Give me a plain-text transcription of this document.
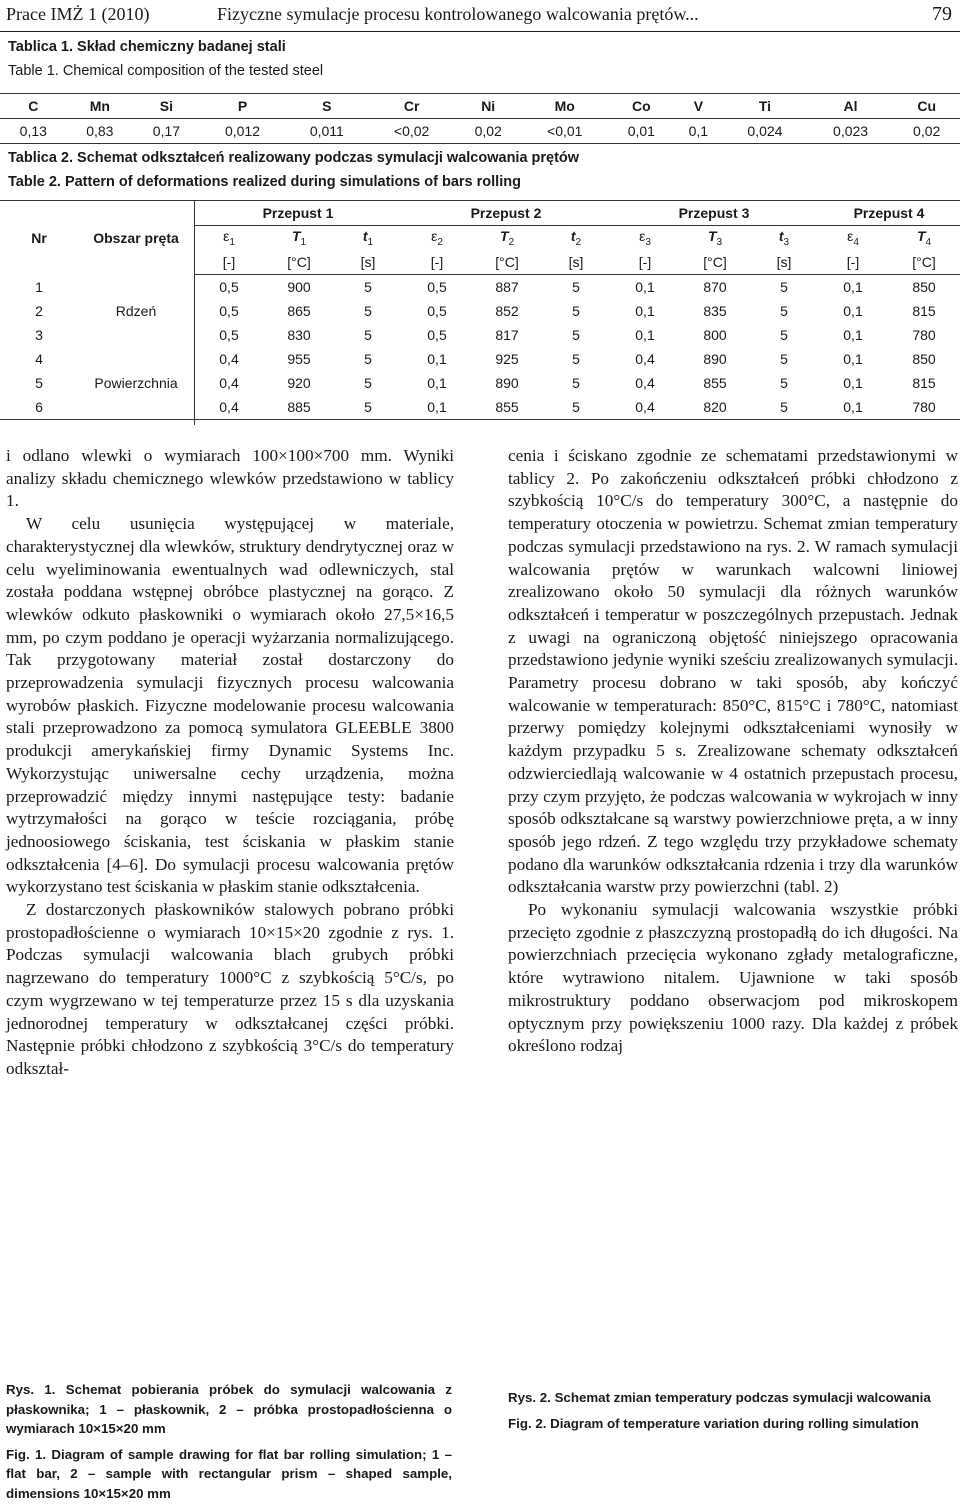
Prace IMŻ 1 (2010)	Fizyczne symulacje procesu kontrolowanego walcowania prętów...	79
Tablica 1. Skład chemiczny badanej stali
Table 1. Chemical composition of the tested steel
C	Mn	Si	P	S	Cr	Ni	Mo	Co	V	Ti	Al	Cu
0,13	0,83	0,17	0,012	0,011	<0,02	0,02	<0,01	0,01	0,1	0,024	0,023	0,02
Tablica 2. Schemat odkształceń realizowany podczas symulacji walcowania prętów
Table 2. Pattern of deformations realized during simulations of bars rolling
Nr	Obszar pręta	Przepust 1			Przepust 2			Przepust 3			Przepust 4	
		$\varepsilon_1$	$T_1$	$t_1$	$\varepsilon_2$	$T_2$	$t_2$	$\varepsilon_3$	$T_3$	$t_3$	$\varepsilon_4$	$T_4$
		[-]	[°C]	[s]	[-]	[°C]	[s]	[-]	[°C]	[s]	[-]	[°C]
1	Rdzeń	0,5	900	5	0,5	887	5	0,1	870	5	0,1	850
2		0,5	865	5	0,5	852	5	0,1	835	5	0,1	815
3		0,5	830	5	0,5	817	5	0,1	800	5	0,1	780
4	Powierzchnia	0,4	955	5	0,1	925	5	0,4	890	5	0,1	850
5		0,4	920	5	0,1	890	5	0,4	855	5	0,1	815
6		0,4	885	5	0,1	855	5	0,4	820	5	0,1	780

i odlano wlewki o wymiarach 100×100×700 mm. Wyniki analizy składu chemicznego wlewków przedstawiono w tablicy 1.

W celu usunięcia występującej w materiale, charakterystycznej dla wlewków, struktury dendrytycznej oraz w celu wyeliminowania ewentualnych wad odlewniczych, stal została poddana wstępnej obróbce plastycznej na gorąco. Z wlewków odkuto płaskowniki o wymiarach około 27,5×16,5 mm, po czym poddano je operacji wyżarzania normalizującego. Tak przygotowany materiał został dostarczony do przeprowadzenia symulacji fizycznych procesu walcowania wyrobów płaskich. Fizyczne modelowanie procesu walcowania stali przeprowadzono za pomocą symulatora GLEEBLE 3800 produkcji amerykańskiej firmy Dynamic Systems Inc. Wykorzystując uniwersalne cechy urządzenia, można przeprowadzić między innymi następujące testy: badanie wytrzymałości na gorąco w teście rozciągania, próbę jednoosiowego ściskania, test ściskania w płaskim stanie odkształcenia [4–6]. Do symulacji procesu walcowania prętów wykorzystano test ściskania w płaskim stanie odkształcenia.

Z dostarczonych płaskowników stalowych pobrano próbki prostopadłościenne o wymiarach 10×15×20 zgodnie z rys. 1. Podczas symulacji walcowania blach grubych próbki nagrzewano do temperatury 1000°C z szybkością 5°C/s, po czym wygrzewano w tej temperaturze przez 15 s dla uzyskania jednorodnej temperatury w odkształcanej części próbki. Następnie próbki chłodzono z szybkością 3°C/s do temperatury odkształ-

cenia i ściskano zgodnie ze schematami przedstawionymi w tablicy 2. Po zakończeniu odkształceń próbki chłodzono z szybkością 10°C/s do temperatury 300°C, a następnie do temperatury otoczenia w powietrzu. Schemat zmian temperatury podczas symulacji przedstawiono na rys. 2. W ramach symulacji walcowania prętów w warunkach walcowni liniowej zrealizowano około 50 symulacji dla różnych warunków odkształceń i temperatur w poszczególnych przepustach. Jednak z uwagi na ograniczoną objętość niniejszego opracowania przedstawiono jedynie wyniki sześciu zrealizowanych symulacji. Parametry procesu dobrano w taki sposób, aby kończyć walcowanie w temperaturach: 850°C, 815°C i 780°C, natomiast przerwy pomiędzy kolejnymi odkształceniami wynosiły w każdym przypadku 5 s. Zrealizowane schematy odkształceń odzwierciedlają walcowanie w 4 ostatnich przepustach procesu, przy czym przyjęto, że podczas walcowania w wykrojach w inny sposób odkształcane są warstwy powierzchniowe pręta, a w inny sposób jego rdzeń. Z tego względu trzy przykładowe schematy podano dla warunków odkształcania rdzenia i trzy dla warunków odkształcania warstw przy powierzchni (tabl. 2)

Po wykonaniu symulacji walcowania wszystkie próbki przecięto zgodnie z płaszczyzną prostopadłą do ich długości. Na powierzchniach przecięcia wykonano zgłady metalograficzne, które wytrawiono nitalem. Ujawnione w taki sposób mikrostruktury poddano obserwacjom pod mikroskopem optycznym przy powiększeniu 1000 razy. Dla każdej z próbek określono rodzaj

Rys. 1. Schemat pobierania próbek do symulacji walcowania z płaskownika; 1 – płaskownik, 2 – próbka prostopadłościenna o wymiarach 10×15×20 mm
Fig. 1. Diagram of sample drawing for flat bar rolling simulation; 1 – flat bar, 2 – sample with rectangular prism – shaped sample, dimensions 10×15×20 mm
Rys. 2. Schemat zmian temperatury podczas symulacji walcowania
Fig. 2. Diagram of temperature variation during rolling simulation
